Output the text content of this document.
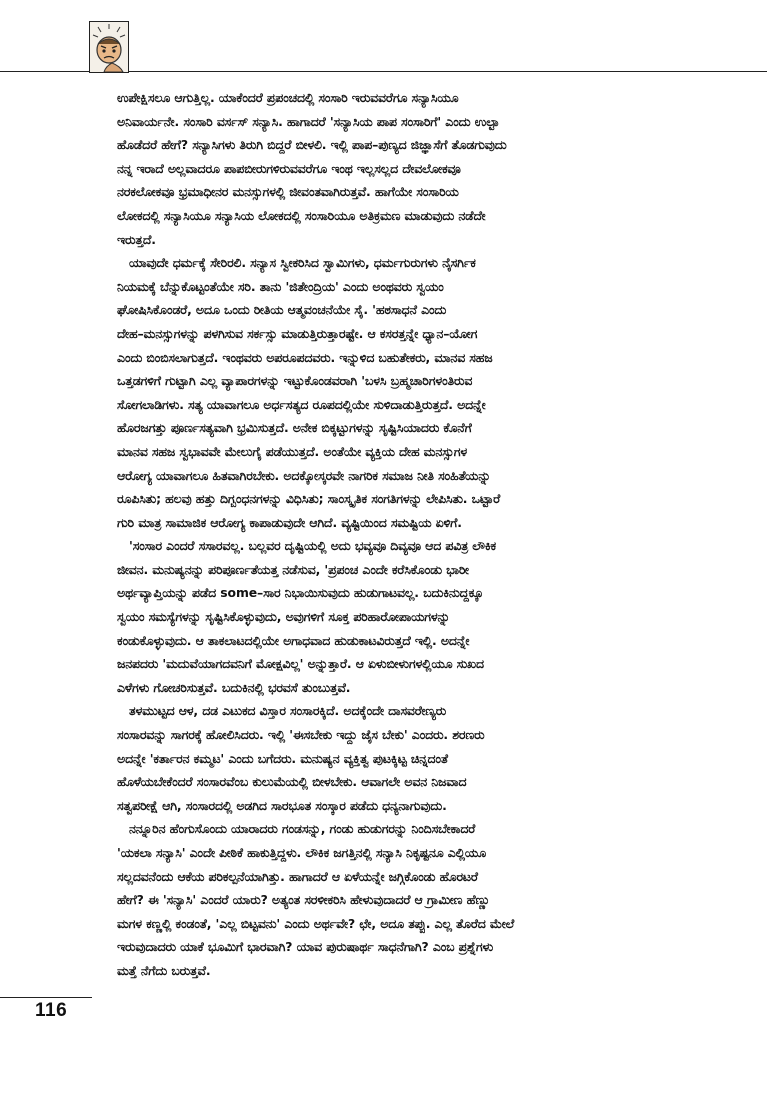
ಉಪೇಕ್ಷಿಸಲೂ ಆಗುತ್ತಿಲ್ಲ. ಯಾಕೆಂದರೆ ಪ್ರಪಂಚದಲ್ಲಿ ಸಂಸಾರಿ ಇರುವವರೆಗೂ ಸನ್ಯಾಸಿಯೂ
ಅನಿವಾರ್ಯನೇ. ಸಂಸಾರಿ ವರ್ಸಸ್ ಸನ್ಯಾಸಿ. ಹಾಗಾದರೆ 'ಸನ್ಯಾಸಿಯ ಪಾಪ ಸಂಸಾರಿಗೆ' ಎಂದು ಉಲ್ಟಾ
ಹೊಡೆದರೆ ಹೇಗೆ? ಸನ್ಯಾಸಿಗಳು ತಿರುಗಿ ಬಿದ್ದರೆ ಬೀಳಲಿ. ಇಲ್ಲಿ ಪಾಪ–ಪುಣ್ಯದ ಜಿಜ್ಞಾಸೆಗೆ ತೊಡಗುವುದು
ನನ್ನ ಇರಾದೆ ಅಲ್ಲವಾದರೂ ಪಾಪಬೀರುಗಳಿರುವವರೆಗೂ ಇಂಥ ಇಲ್ಲಸಲ್ಲದ ದೇವಲೋಕವೂ
ನರಕಲೋಕವೂ ಭ್ರಮಾಧೀನರ ಮನಸ್ಸುಗಳಲ್ಲಿ ಜೀವಂತವಾಗಿರುತ್ತವೆ. ಹಾಗೆಯೇ ಸಂಸಾರಿಯ
ಲೋಕದಲ್ಲಿ ಸನ್ಯಾಸಿಯೂ ಸನ್ಯಾಸಿಯ ಲೋಕದಲ್ಲಿ ಸಂಸಾರಿಯೂ ಅತಿಕ್ರಮಣ ಮಾಡುವುದು ನಡೆದೇ
ಇರುತ್ತದೆ.
ಯಾವುದೇ ಧರ್ಮಕ್ಕೆ ಸೇರಿರಲಿ. ಸನ್ಯಾಸ ಸ್ವೀಕರಿಸಿದ ಸ್ವಾಮಿಗಳು, ಧರ್ಮಗುರುಗಳು ನೈಸರ್ಗಿಕ
ನಿಯಮಕ್ಕೆ ಬೆನ್ನುಕೊಟ್ಟಂತೆಯೇ ಸರಿ. ತಾನು 'ಜಿತೇಂದ್ರಿಯ' ಎಂದು ಅಂಥವರು ಸ್ವಯಂ
ಘೋಷಿಸಿಕೊಂಡರೆ, ಅದೂ ಒಂದು ರೀತಿಯ ಆತ್ಮವಂಚನೆಯೇ ಸೈ. 'ಹಠಸಾಧನೆ ಎಂದು
ದೇಹ–ಮನಸ್ಸುಗಳನ್ನು ಪಳಗಿಸುವ ಸರ್ಕಸ್ಸು ಮಾಡುತ್ತಿರುತ್ತಾರಷ್ಟೇ. ಆ ಕಸರತ್ತನ್ನೇ ಧ್ಯಾನ–ಯೋಗ
ಎಂದು ಬಿಂಬಿಸಲಾಗುತ್ತದೆ. ಇಂಥವರು ಅಪರೂಪದವರು. ಇನ್ನುಳಿದ ಬಹುತೇಕರು, ಮಾನವ ಸಹಜ
ಒತ್ತಡಗಳಿಗೆ ಗುಟ್ಟಾಗಿ ಎಲ್ಲ ವ್ಯಾಪಾರಗಳನ್ನು ಇಟ್ಟುಕೊಂಡವರಾಗಿ 'ಬಳಸಿ ಬ್ರಹ್ಮಚಾರಿಗಳಂತಿರುವ
ಸೋಗಲಾಡಿಗಳು. ಸತ್ಯ ಯಾವಾಗಲೂ ಅರ್ಧಸತ್ಯದ ರೂಪದಲ್ಲಿಯೇ ಸುಳಿದಾಡುತ್ತಿರುತ್ತದೆ. ಅದನ್ನೇ
ಹೊರಜಗತ್ತು ಪೂರ್ಣಸತ್ಯವಾಗಿ ಭ್ರಮಿಸುತ್ತದೆ. ಅನೇಕ ಬಿಕ್ಕಟ್ಟುಗಳನ್ನು ಸೃಷ್ಟಿಸಿಯಾದರು ಕೊನೆಗೆ
ಮಾನವ ಸಹಜ ಸ್ವಭಾವವೇ ಮೇಲುಗೈ ಪಡೆಯುತ್ತದೆ. ಅಂತೆಯೇ ವ್ಯಕ್ತಿಯ ದೇಹ ಮನಸ್ಸುಗಳ
ಆರೋಗ್ಯ ಯಾವಾಗಲೂ ಹಿತವಾಗಿರಬೇಕು. ಅದಕ್ಕೋಸ್ಕರವೇ ನಾಗರಿಕ ಸಮಾಜ ನೀತಿ ಸಂಹಿತೆಯನ್ನು
ರೂಪಿಸಿತು; ಹಲವು ಹತ್ತು ದಿಗ್ಬಂಧನಗಳನ್ನು ವಿಧಿಸಿತು; ಸಾಂಸ್ಕೃತಿಕ ಸಂಗತಿಗಳನ್ನು ಲೇಪಿಸಿತು. ಒಟ್ಟಾರೆ
ಗುರಿ ಮಾತ್ರ ಸಾಮಾಜಿಕ ಆರೋಗ್ಯ ಕಾಪಾಡುವುದೇ ಆಗಿದೆ. ವ್ಯಷ್ಟಿಯಿಂದ ಸಮಷ್ಟಿಯ ಏಳಿಗೆ.
'ಸಂಸಾರ ಎಂದರೆ ಸಸಾರವಲ್ಲ. ಬಲ್ಲವರ ದೃಷ್ಟಿಯಲ್ಲಿ ಅದು ಭವ್ಯವೂ ದಿವ್ಯವೂ ಆದ ಪವಿತ್ರ ಲೌಕಿಕ
ಜೀವನ. ಮನುಷ್ಯನನ್ನು ಪರಿಪೂರ್ಣತೆಯತ್ತ ನಡೆಸುವ, 'ಪ್ರಪಂಚ ಎಂದೇ ಕರೆಸಿಕೊಂಡು ಭಾರೀ
ಅರ್ಥವ್ಯಾಪ್ತಿಯನ್ನು ಪಡೆದ some–ಸಾರ ನಿಭಾಯಿಸುವುದು ಹುಡುಗಾಟವಲ್ಲ. ಬದುಕಿನುದ್ದಕ್ಕೂ
ಸ್ವಯಂ ಸಮಸ್ಯೆಗಳನ್ನು ಸೃಷ್ಟಿಸಿಕೊಳ್ಳುವುದು, ಅವುಗಳಿಗೆ ಸೂಕ್ತ ಪರಿಹಾರೋಪಾಯಗಳನ್ನು
ಕಂಡುಕೊಳ್ಳುವುದು. ಆ ತಾಕಲಾಟದಲ್ಲಿಯೇ ಅಗಾಧವಾದ ಹುಡುಕಾಟವಿರುತ್ತದೆ ಇಲ್ಲಿ. ಅದನ್ನೇ
ಜನಪದರು 'ಮದುವೆಯಾಗದವನಿಗೆ ಮೋಕ್ಷವಿಲ್ಲ' ಅನ್ನುತ್ತಾರೆ. ಆ ಏಳುಬೀಳುಗಳಲ್ಲಿಯೂ ಸುಖದ
ಎಳೆಗಳು ಗೋಚರಿಸುತ್ತವೆ. ಬದುಕಿನಲ್ಲಿ ಭರವಸೆ ತುಂಬುತ್ತವೆ.
ತಳಮುಟ್ಟದ ಆಳ, ದಡ ಎಟುಕದ ವಿಸ್ತಾರ ಸಂಸಾರಕ್ಕಿದೆ. ಅದಕ್ಕೆಂದೇ ದಾಸವರೇಣ್ಯರು
ಸಂಸಾರವನ್ನು ಸಾಗರಕ್ಕೆ ಹೋಲಿಸಿದರು. ಇಲ್ಲಿ 'ಈಸಬೇಕು ಇದ್ದು ಜೈಸ ಬೇಕು' ಎಂದರು. ಶರಣರು
ಅದನ್ನೇ 'ಕರ್ತಾರನ ಕಮ್ಮಟ' ಎಂದು ಬಗೆದರು. ಮನುಷ್ಯನ ವ್ಯಕ್ತಿತ್ವ ಪುಟಕ್ಕಿಟ್ಟ ಚಿನ್ನದಂತೆ
ಹೊಳೆಯಬೇಕೆಂದರೆ ಸಂಸಾರವೆಂಬ ಕುಲುಮೆಯಲ್ಲಿ ಬೀಳಬೇಕು. ಆವಾಗಲೇ ಅವನ ನಿಜವಾದ
ಸತ್ವಪರೀಕ್ಷೆ ಆಗಿ, ಸಂಸಾರದಲ್ಲಿ ಅಡಗಿದ ಸಾರಭೂತ ಸಂಸ್ಕಾರ ಪಡೆದು ಧನ್ಯನಾಗುವುದು.
ನನ್ನೂರಿನ ಹೆಂಗುಸೊಂದು ಯಾರಾದರು ಗಂಡಸನ್ನು, ಗಂಡು ಹುಡುಗರನ್ನು ನಿಂದಿಸಬೇಕಾದರೆ
'ಯಕಲಾ ಸನ್ಯಾಸಿ' ಎಂದೇ ಪೀಠಿಕೆ ಹಾಕುತ್ತಿದ್ದಳು. ಲೌಕಿಕ ಜಗತ್ತಿನಲ್ಲಿ ಸನ್ಯಾಸಿ ನಿಕೃಷ್ಟನೂ ಎಲ್ಲಿಯೂ
ಸಲ್ಲದವನೆಂದು ಆಕೆಯ ಪರಿಕಲ್ಪನೆಯಾಗಿತ್ತು. ಹಾಗಾದರೆ ಆ ಏಳೆಯನ್ನೇ ಜಗ್ಗಿಕೊಂಡು ಹೊರಟರೆ
ಹೇಗೆ? ಈ 'ಸನ್ಯಾಸಿ' ಎಂದರೆ ಯಾರು? ಅತ್ಯಂತ ಸರಳೀಕರಿಸಿ ಹೇಳುವುದಾದರೆ ಆ ಗ್ರಾಮೀಣ ಹೆಣ್ಣು
ಮಗಳ ಕಣ್ಣಲ್ಲಿ ಕಂಡಂತೆ, 'ಎಲ್ಲ ಬಿಟ್ಟವನು' ಎಂದು ಅರ್ಥವೇ? ಛೇ, ಅದೂ ತಪ್ಪು. ಎಲ್ಲ ತೊರೆದ ಮೇಲೆ
ಇರುವುದಾದರು ಯಾಕೆ ಭೂಮಿಗೆ ಭಾರವಾಗಿ? ಯಾವ ಪುರುಷಾರ್ಥ ಸಾಧನೆಗಾಗಿ? ಎಂಬ ಪ್ರಶ್ನೆಗಳು
ಮತ್ತೆ ನೆಗೆದು ಬರುತ್ತವೆ.
116
